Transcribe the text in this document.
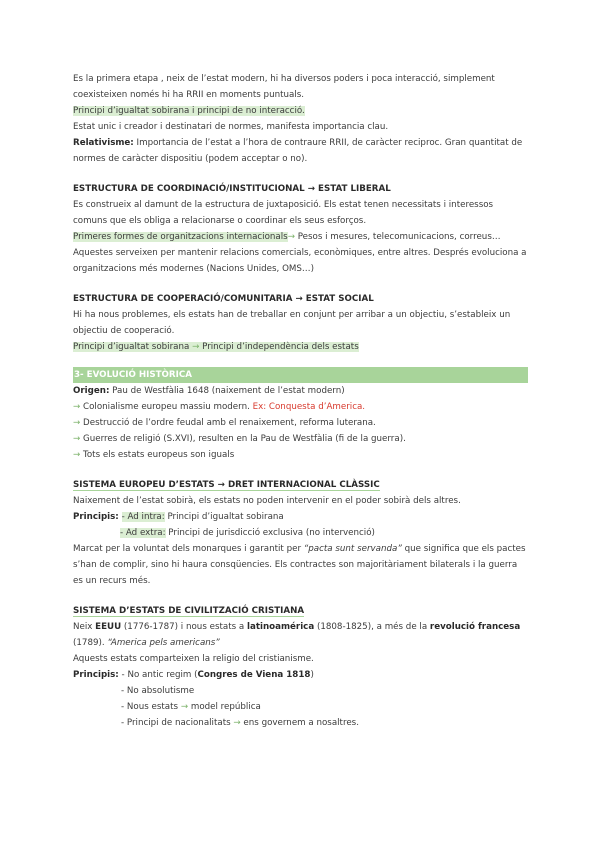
Es la primera etapa , neix de l’estat modern, hi ha diversos poders i poca interacció, simplement coexisteixen només hi ha RRII en moments puntuals.

Principi d’igualtat sobirana i principi de no interacció.

Estat unic i creador i destinatari de normes, manifesta importancia clau.

Relativisme: Importancia de l’estat a l’hora de contraure RRII, de caràcter reciproc. Gran quantitat de normes de caràcter dispositiu (podem acceptar o no).

ESTRUCTURA DE COORDINACIÓ/INSTITUCIONAL → ESTAT LIBERAL

Es construeix al damunt de la estructura de juxtaposició. Els estat tenen necessitats i interessos comuns que els obliga a relacionarse o coordinar els seus esforços.

Primeres formes de organitzacions internacionals→ Pesos i mesures, telecomunicacions, correus…

Aquestes serveixen per mantenir relacions comercials, econòmiques, entre altres. Després evoluciona a organitzacions més modernes (Nacions Unides, OMS…)

ESTRUCTURA DE COOPERACIÓ/COMUNITARIA → ESTAT SOCIAL

Hi ha nous problemes, els estats han de treballar en conjunt per arribar a un objectiu, s’estableix un objectiu de cooperació.

Principi d’igualtat sobirana → Principi d’independència dels estats

3- EVOLUCIÓ HISTÒRICA

Origen: Pau de Westfàlia 1648 (naixement de l’estat modern)

→ Colonialisme europeu massiu modern. Ex: Conquesta d’America.

→ Destrucció de l’ordre feudal amb el renaixement, reforma luterana.

→ Guerres de religió (S.XVI), resulten en la Pau de Westfàlia (fi de la guerra).

→ Tots els estats europeus son iguals

SISTEMA EUROPEU D’ESTATS → DRET INTERNACIONAL CLÀSSIC

Naixement de l’estat sobirà, els estats no poden intervenir en el poder sobirà dels altres.

Principis: - Ad intra: Principi d’igualtat sobirana

- Ad extra: Principi de jurisdicció exclusiva (no intervenció)

Marcat per la voluntat dels monarques i garantit per “pacta sunt servanda” que significa que els pactes s’han de complir, sino hi haura consqüencies. Els contractes son majoritàriament bilaterals i la guerra es un recurs més.

SISTEMA D’ESTATS DE CIVILITZACIÓ CRISTIANA

Neix EEUU (1776-1787) i nous estats a latinoamérica (1808-1825), a més de la revolució francesa (1789). “America pels americans”

Aquests estats comparteixen la religio del cristianisme.

Principis: - No antic regim (Congres de Viena 1818)

- No absolutisme

- Nous estats → model república

- Principi de nacionalitats → ens governem a nosaltres.
